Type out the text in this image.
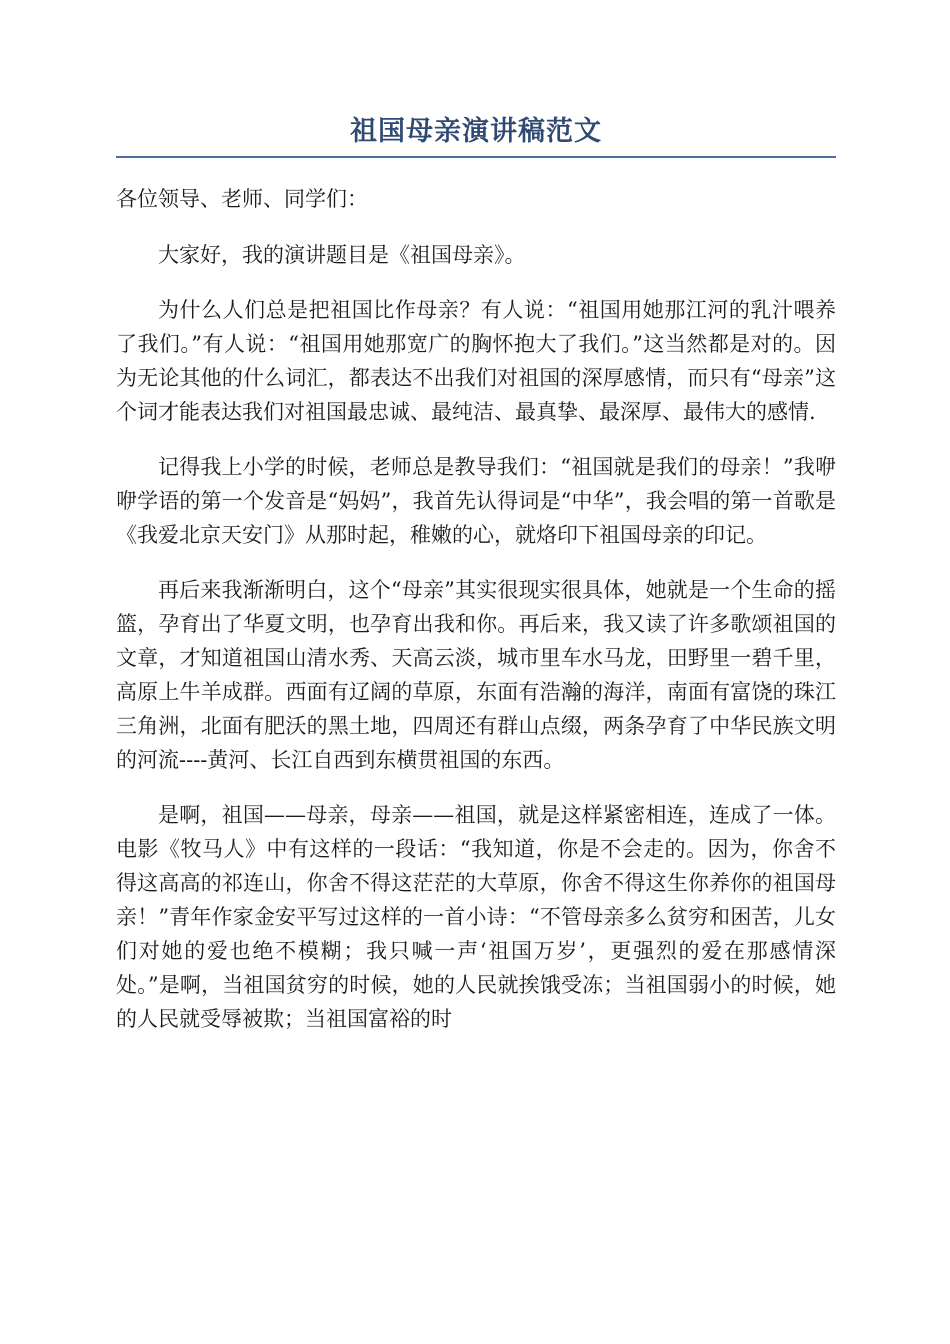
祖国母亲演讲稿范文

各位领导、老师、同学们：

大家好，我的演讲题目是《祖国母亲》。

为什么人们总是把祖国比作母亲？有人说：“祖国用她那江河的乳汁喂养了我们。”有人说：“祖国用她那宽广的胸怀抱大了我们。”这当然都是对的。因为无论其他的什么词汇，都表达不出我们对祖国的深厚感情，而只有“母亲”这个词才能表达我们对祖国最忠诚、最纯洁、最真挚、最深厚、最伟大的感情.

记得我上小学的时候，老师总是教导我们：“祖国就是我们的母亲！”我咿咿学语的第一个发音是“妈妈”，我首先认得词是“中华”，我会唱的第一首歌是《我爱北京天安门》从那时起，稚嫩的心，就烙印下祖国母亲的印记。

再后来我渐渐明白，这个“母亲”其实很现实很具体，她就是一个生命的摇篮，孕育出了华夏文明，也孕育出我和你。再后来，我又读了许多歌颂祖国的文章，才知道祖国山清水秀、天高云淡，城市里车水马龙，田野里一碧千里，高原上牛羊成群。西面有辽阔的草原，东面有浩瀚的海洋，南面有富饶的珠江三角洲，北面有肥沃的黑土地，四周还有群山点缀，两条孕育了中华民族文明的河流----黄河、长江自西到东横贯祖国的东西。

是啊，祖国——母亲，母亲——祖国，就是这样紧密相连，连成了一体。电影《牧马人》中有这样的一段话：“我知道，你是不会走的。因为，你舍不得这高高的祁连山，你舍不得这茫茫的大草原，你舍不得这生你养你的祖国母亲！”青年作家金安平写过这样的一首小诗：“不管母亲多么贫穷和困苦，儿女们对她的爱也绝不模糊；我只喊一声‘祖国万岁’，更强烈的爱在那感情深处。”是啊，当祖国贫穷的时候，她的人民就挨饿受冻；当祖国弱小的时候，她的人民就受辱被欺；当祖国富裕的时
